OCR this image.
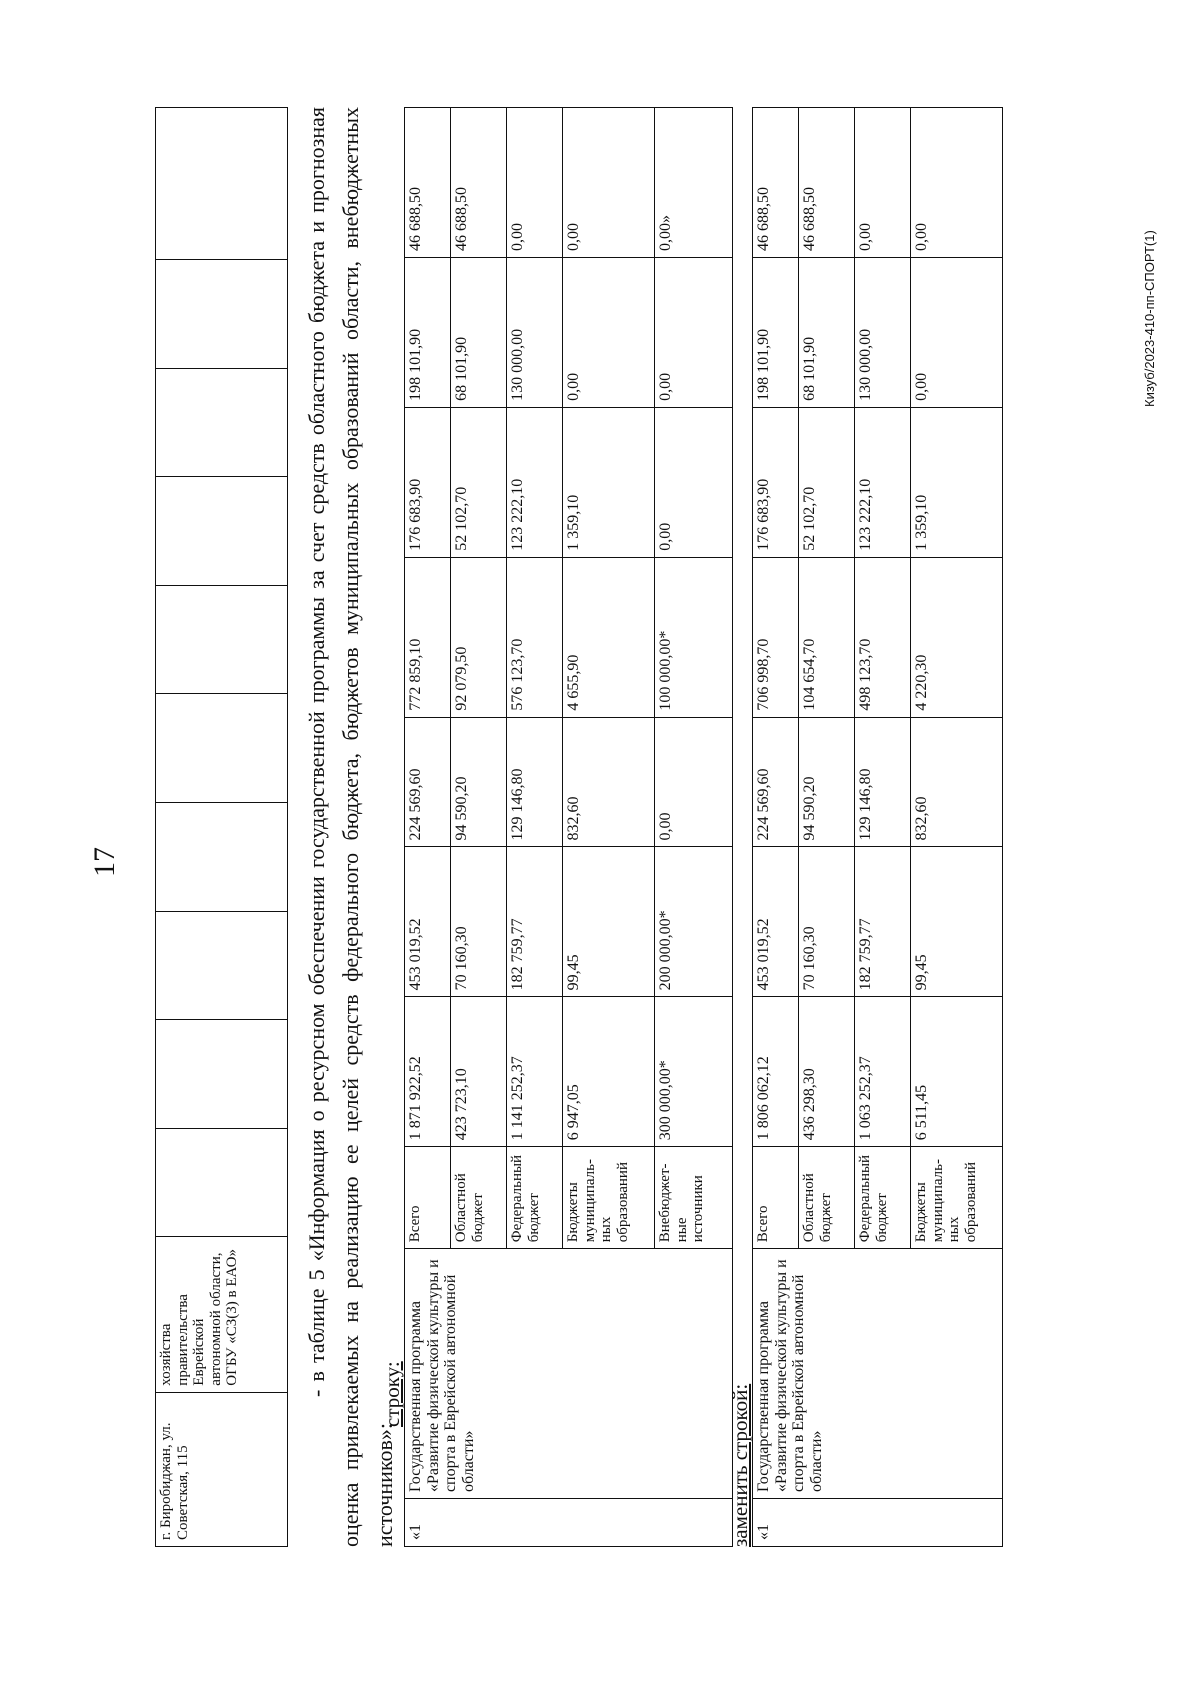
17
г. Биробиджан, ул. Советская, 115	хозяйства правительства Еврейской автономной области, ОГБУ «СЗ(3) в ЕАО»											- в таблице 5 «Информация о ресурсном обеспечении государственной программы за счет средств областного бюджета и прогнозная оценка привлекаемых на реализацию ее целей средств федерального бюджета, бюджетов муниципальных образований области, внебюджетных источников»:
строку:
«1	Государственная программа «Развитие физической культуры и спорта в Еврейской автономной области»	Всего	1 871 922,52	453 019,52	224 569,60	772 859,10	176 683,90	198 101,90	46 688,50
		Областной бюджет	423 723,10	70 160,30	94 590,20	92 079,50	52 102,70	68 101,90	46 688,50
		Федеральный бюджет	1 141 252,37	182 759,77	129 146,80	576 123,70	123 222,10	130 000,00	0,00
		Бюджеты муниципаль-ных образований	6 947,05	99,45	832,60	4 655,90	1 359,10	0,00	0,00
		Внебюджет-ные источники	300 000,00*	200 000,00*	0,00	100 000,00*	0,00	0,00	0,00»
заменить строкой: «1	Государственная программа «Развитие физической культуры и спорта в Еврейской автономной области»	Всего	1 806 062,12	453 019,52	224 569,60	706 998,70	176 683,90	198 101,90	46 688,50
		Областной бюджет	436 298,30	70 160,30	94 590,20	104 654,70	52 102,70	68 101,90	46 688,50
		Федеральный бюджет	1 063 252,37	182 759,77	129 146,80	498 123,70	123 222,10	130 000,00	0,00
		Бюджеты муниципаль-ных образований	6 511,45	99,45	832,60	4 220,30	1 359,10	0,00	0,00	Кизуб/2023-410-пп-СПОРТ(1)
